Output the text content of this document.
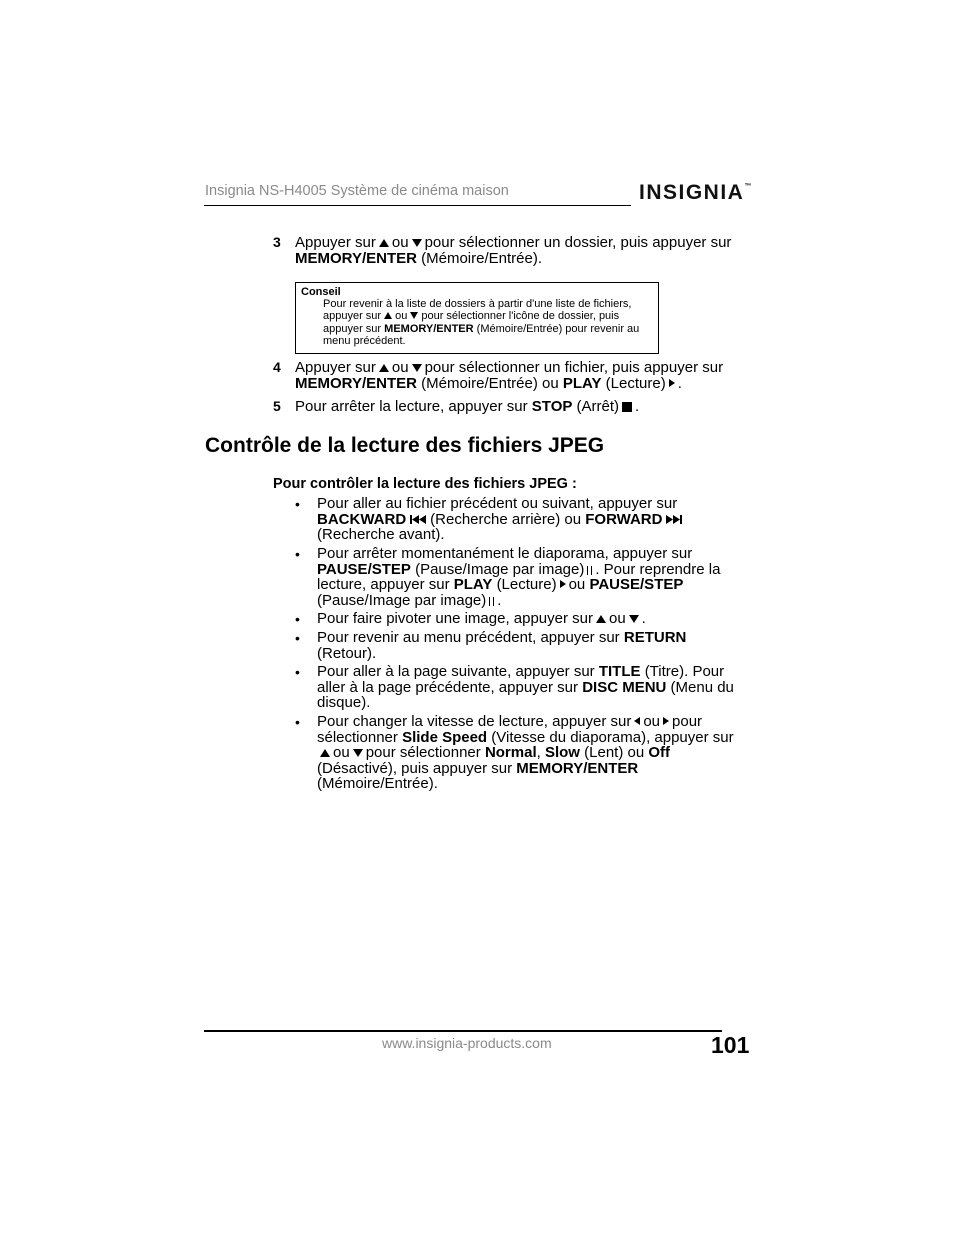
Insignia NS-H4005 Système de cinéma maison	INSIGNIA™
3 Appuyer sur ou pour sélectionner un dossier, puis appuyer sur MEMORY/ENTER (Mémoire/Entrée).
Conseil
Pour revenir à la liste de dossiers à partir d'une liste de fichiers, appuyer sur ou pour sélectionner l'icône de dossier, puis appuyer sur MEMORY/ENTER (Mémoire/Entrée) pour revenir au menu précédent.
4 Appuyer sur ou pour sélectionner un fichier, puis appuyer sur MEMORY/ENTER (Mémoire/Entrée) ou PLAY (Lecture) .
5 Pour arrêter la lecture, appuyer sur STOP (Arrêt) .
Contrôle de la lecture des fichiers JPEG
Pour contrôler la lecture des fichiers JPEG :
• Pour aller au fichier précédent ou suivant, appuyer sur BACKWARD (Recherche arrière) ou FORWARD(Recherche avant).
• Pour arrêter momentanément le diaporama, appuyer sur PAUSE/STEP (Pause/Image par image) . Pour reprendre la lecture, appuyer sur PLAY (Lecture) ou PAUSE/STEP (Pause/Image par image) .
• Pour faire pivoter une image, appuyer sur ou .
• Pour revenir au menu précédent, appuyer sur RETURN (Retour).
• Pour aller à la page suivante, appuyer sur TITLE (Titre). Pour aller à la page précédente, appuyer sur DISC MENU (Menu du disque).
• Pour changer la vitesse de lecture, appuyer sur ou pour sélectionner Slide Speed (Vitesse du diaporama), appuyer sur ou pour sélectionner Normal, Slow (Lent) ou Off (Désactivé), puis appuyer sur MEMORY/ENTER (Mémoire/Entrée).
www.insignia-products.com	101
